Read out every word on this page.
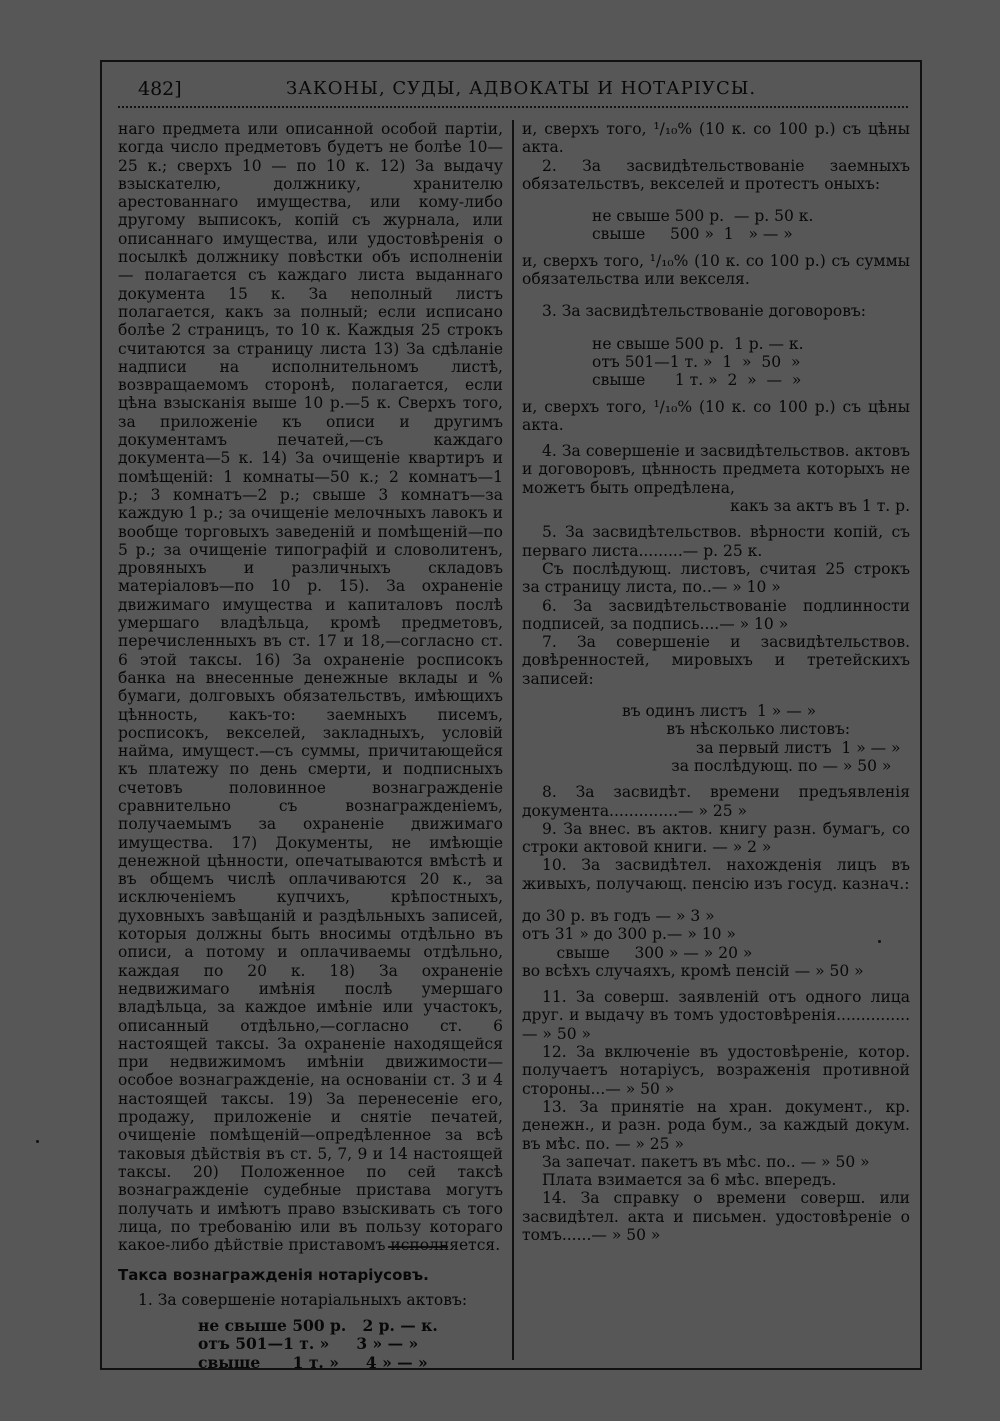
482]	ЗАКОНЫ, СУДЫ, АДВОКАТЫ И НОТАРІУСЫ.

наго предмета или описанной особой партіи, когда число предметовъ будетъ не болѣе 10—25 к.; сверхъ 10 — по 10 к. 12) За выдачу взыскателю, должнику, хранителю арестованнаго имущества, или кому-либо другому выписокъ, копій съ журнала, или описаннаго имущества, или удостовѣренія о посылкѣ должнику повѣстки объ исполненіи — полагается съ каждаго листа выданнаго документа 15 к. За неполный листъ полагается, какъ за полный; если исписано болѣе 2 страницъ, то 10 к. Каждыя 25 строкъ считаются за страницу листа 13) За сдѣланіе надписи на исполнительномъ листѣ, возвращаемомъ сторонѣ, полагается, если цѣна взысканія выше 10 р.—5 к. Сверхъ того, за приложеніе къ описи и другимъ документамъ печатей,—съ каждаго документа—5 к. 14) За очищеніе квартиръ и помѣщеній: 1 комнаты—50 к.; 2 комнатъ—1 р.; 3 комнатъ—2 р.; свыше 3 комнатъ—за каждую 1 р.; за очищеніе мелочныхъ лавокъ и вообще торговыхъ заведеній и помѣщеній—по 5 р.; за очищеніе типографій и словолитенъ, дровяныхъ и различныхъ складовъ матеріаловъ—по 10 р. 15). За охраненіе движимаго имущества и капиталовъ послѣ умершаго владѣльца, кромѣ предметовъ, перечисленныхъ въ ст. 17 и 18,—согласно ст. 6 этой таксы. 16) За охраненіе росписокъ банка на внесенные денежные вклады и % бумаги, долговыхъ обязательствъ, имѣющихъ цѣнность, какъ-то: заемныхъ писемъ, росписокъ, векселей, закладныхъ, условій найма, имущест.—съ суммы, причитающейся къ платежу по день смерти, и подписныхъ счетовъ половинное вознагражденіе сравнительно съ вознагражденіемъ, получаемымъ за охраненіе движимаго имущества. 17) Документы, не имѣющіе денежной цѣнности, опечатываются вмѣстѣ и въ общемъ числѣ оплачиваются 20 к., за исключеніемъ купчихъ, крѣпостныхъ, духовныхъ завѣщаній и раздѣльныхъ записей, которыя должны быть вносимы отдѣльно въ описи, а потому и оплачиваемы отдѣльно, каждая по 20 к. 18) За охраненіе недвижимаго имѣнія послѣ умершаго владѣльца, за каждое имѣніе или участокъ, описанный отдѣльно,—согласно ст. 6 настоящей таксы. За охраненіе находящейся при недвижимомъ имѣніи движимости—особое вознагражденіе, на основаніи ст. 3 и 4 настоящей таксы. 19) За перенесеніе его, продажу, приложеніе и снятіе печатей, очищеніе помѣщеній—опредѣленное за всѣ таковыя дѣйствія въ ст. 5, 7, 9 и 14 настоящей таксы. 20) Положенное по сей таксѣ вознагражденіе судебные пристава могутъ получать и имѣютъ право взыскивать съ того лица, по требованію или въ пользу котораго какое-либо дѣйствіе приставомъ исполняется.

Такса вознагражденія нотаріусовъ.

1. За совершеніе нотаріальныхъ актовъ:

не свыше 500 р.   2 р. — к.
отъ 501—1 т. »     3 » — »
свыше      1 т. »     4 » — »

и, сверхъ того, ¹/₁₀% (10 к. со 100 р.) съ цѣны акта.

2. За засвидѣтельствованіе заемныхъ обязательствъ, векселей и протестъ оныхъ:

не свыше 500 р.  — р. 50 к.
свыше     500 »  1   » — »

и, сверхъ того, ¹/₁₀% (10 к. со 100 р.) съ суммы обязательства или векселя.

3. За засвидѣтельствованіе договоровъ:

не свыше 500 р.  1 р. — к.
отъ 501—1 т. »  1  »  50  »
свыше      1 т. »  2  »  —  »

и, сверхъ того, ¹/₁₀% (10 к. со 100 р.) съ цѣны акта.

4. За совершеніе и засвидѣтельствов. актовъ и договоровъ, цѣнность предмета которыхъ не можетъ быть опредѣлена,

какъ за актъ въ 1 т. р.

5. За засвидѣтельствов. вѣрности копій, съ перваго листа.........— р. 25 к.

Съ послѣдующ. листовъ, считая 25 строкъ за страницу листа, по..— » 10 »

6. За засвидѣтельствованіе подлинности подписей, за подпись....— » 10 »

7. За совершеніе и засвидѣтельствов. довѣренностей, мировыхъ и третейскихъ записей:

въ одинъ листъ  1 » — »
въ нѣсколько листовъ:
за первый листъ  1 » — »
за послѣдующ. по — » 50 »

8. За засвидѣт. времени предъявленія документа..............— » 25 »

9. За внес. въ актов. книгу разн. бумагъ, со строки актовой книги. — » 2 »

10. За засвидѣтел. нахожденія лицъ въ живыхъ, получающ. пенсію изъ госуд. казнач.:

до 30 р. въ годъ — » 3 »
отъ 31 » до 300 р.— » 10 »
свыше     300 » — » 20 »
во всѣхъ случаяхъ, кромѣ пенсій — » 50 »

11. За соверш. заявленій отъ одного лица друг. и выдачу въ томъ удостовѣренія...............— » 50 »

12. За включеніе въ удостовѣреніе, котор. получаетъ нотаріусъ, возраженія противной стороны...— » 50 »

13. За принятіе на хран. документ., кр. денежн., и разн. рода бум., за каждый докум. въ мѣс. по. — » 25 »

За запечат. пакетъ въ мѣс. по.. — » 50 »

Плата взимается за 6 мѣс. впередъ.

14. За справку о времени соверш. или засвидѣтел. акта и письмен. удостовѣреніе о томъ......— » 50 »
